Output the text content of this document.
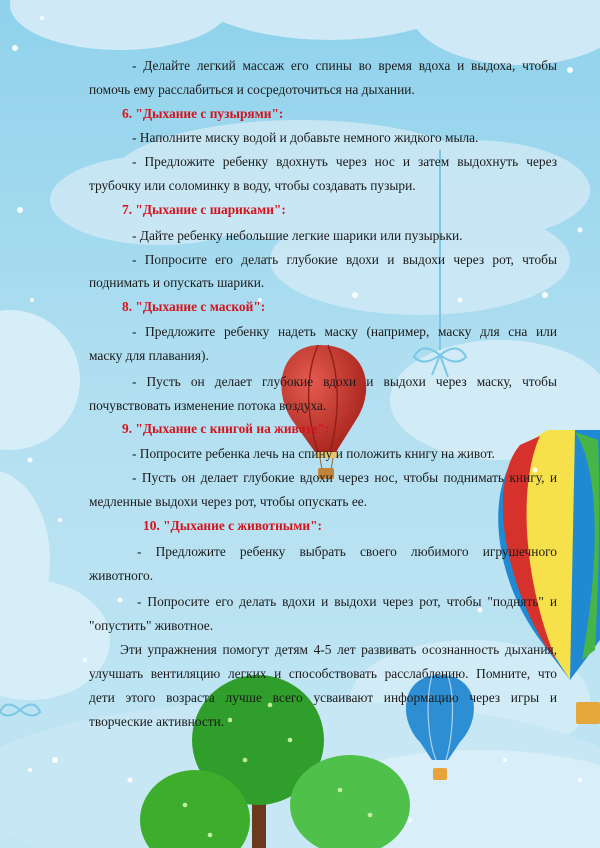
- Делайте легкий массаж его спины во время вдоха и выдоха, чтобы
помочь ему расслабиться и сосредоточиться на дыхании.
6. "Дыхание с пузырями":
- Наполните миску водой и добавьте немного жидкого мыла.
- Предложите ребенку вдохнуть через нос и затем выдохнуть через
трубочку или соломинку в воду, чтобы создавать пузыри.
7. "Дыхание с шариками":
- Дайте ребенку небольшие легкие шарики или пузырьки.
- Попросите его делать глубокие вдохи и выдохи через рот, чтобы
поднимать и опускать шарики.
8. "Дыхание с маской":
- Предложите ребенку надеть маску (например, маску для сна или
маску для плавания).
- Пусть он делает глубокие вдохи и выдохи через маску, чтобы
почувствовать изменение потока воздуха.
9. "Дыхание с книгой на животе":
- Попросите ребенка лечь на спину и положить книгу на живот.
- Пусть он делает глубокие вдохи через нос, чтобы поднимать книгу, и
медленные выдохи через рот, чтобы опускать ее.
10. "Дыхание с животными":
- Предложите ребенку выбрать своего любимого игрушечного
животного.
- Попросите его делать вдохи и выдохи через рот, чтобы "поднять" и
"опустить" животное.
Эти упражнения помогут детям 4-5 лет развивать осознанность дыхания,
улучшать вентиляцию легких и способствовать расслаблению. Помните, что
дети этого возраста лучше всего усваивают информацию через игры и
творческие активности.
